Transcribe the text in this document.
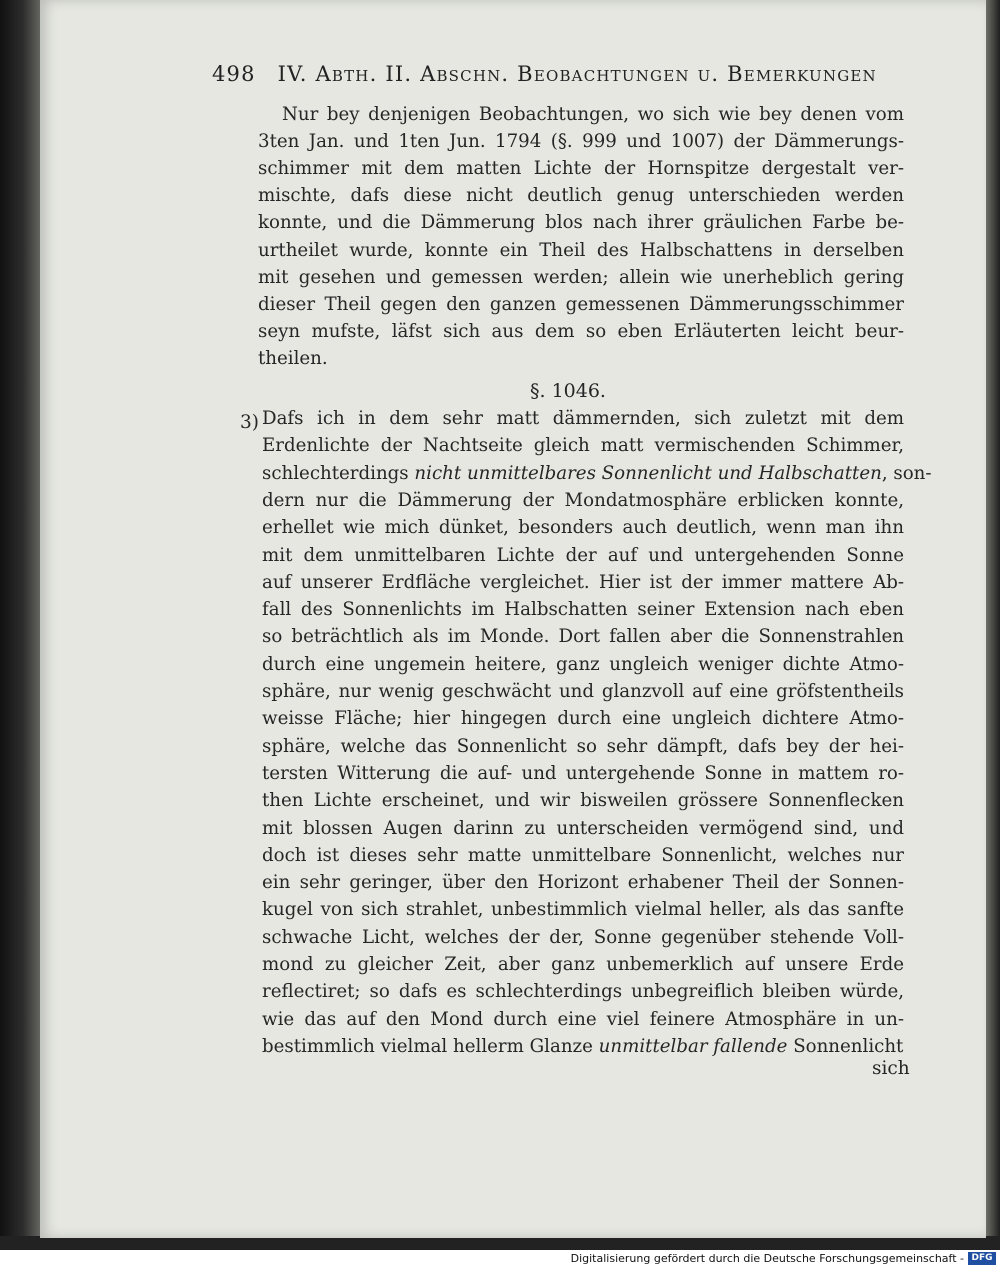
498 IV. Abth. II. Abschn. Beobachtungen u. Bemerkungen
Nur bey denjenigen Beobachtungen, wo sich wie bey denen vom
3ten Jan. und 1ten Jun. 1794 (§. 999 und 1007) der Dämmerungs-
schimmer mit dem matten Lichte der Hornspitze dergestalt ver-
mischte, dafs diese nicht deutlich genug unterschieden werden
konnte, und die Dämmerung blos nach ihrer gräulichen Farbe be-
urtheilet wurde, konnte ein Theil des Halbschattens in derselben
mit gesehen und gemessen werden; allein wie unerheblich gering
dieser Theil gegen den ganzen gemessenen Dämmerungsschimmer
seyn mufste, läfst sich aus dem so eben Erläuterten leicht beur-
theilen.
§. 1046.
3) Dafs ich in dem sehr matt dämmernden, sich zuletzt mit dem
Erdenlichte der Nachtseite gleich matt vermischenden Schimmer,
schlechterdings nicht unmittelbares Sonnenlicht und Halbschatten, son-
dern nur die Dämmerung der Mondatmosphäre erblicken konnte,
erhellet wie mich dünket, besonders auch deutlich, wenn man ihn
mit dem unmittelbaren Lichte der auf und untergehenden Sonne
auf unserer Erdfläche vergleichet. Hier ist der immer mattere Ab-
fall des Sonnenlichts im Halbschatten seiner Extension nach eben
so beträchtlich als im Monde. Dort fallen aber die Sonnenstrahlen
durch eine ungemein heitere, ganz ungleich weniger dichte Atmo-
sphäre, nur wenig geschwächt und glanzvoll auf eine gröfstentheils
weisse Fläche; hier hingegen durch eine ungleich dichtere Atmo-
sphäre, welche das Sonnenlicht so sehr dämpft, dafs bey der hei-
tersten Witterung die auf- und untergehende Sonne in mattem ro-
then Lichte erscheinet, und wir bisweilen grössere Sonnenflecken
mit blossen Augen darinn zu unterscheiden vermögend sind, und
doch ist dieses sehr matte unmittelbare Sonnenlicht, welches nur
ein sehr geringer, über den Horizont erhabener Theil der Sonnen-
kugel von sich strahlet, unbestimmlich vielmal heller, als das sanfte
schwache Licht, welches der der, Sonne gegenüber stehende Voll-
mond zu gleicher Zeit, aber ganz unbemerklich auf unsere Erde
reflectiret; so dafs es schlechterdings unbegreiflich bleiben würde,
wie das auf den Mond durch eine viel feinere Atmosphäre in un-
bestimmlich vielmal hellerm Glanze unmittelbar fallende Sonnenlicht
sich
Digitalisierung gefördert durch die Deutsche Forschungsgemeinschaft - DFG
